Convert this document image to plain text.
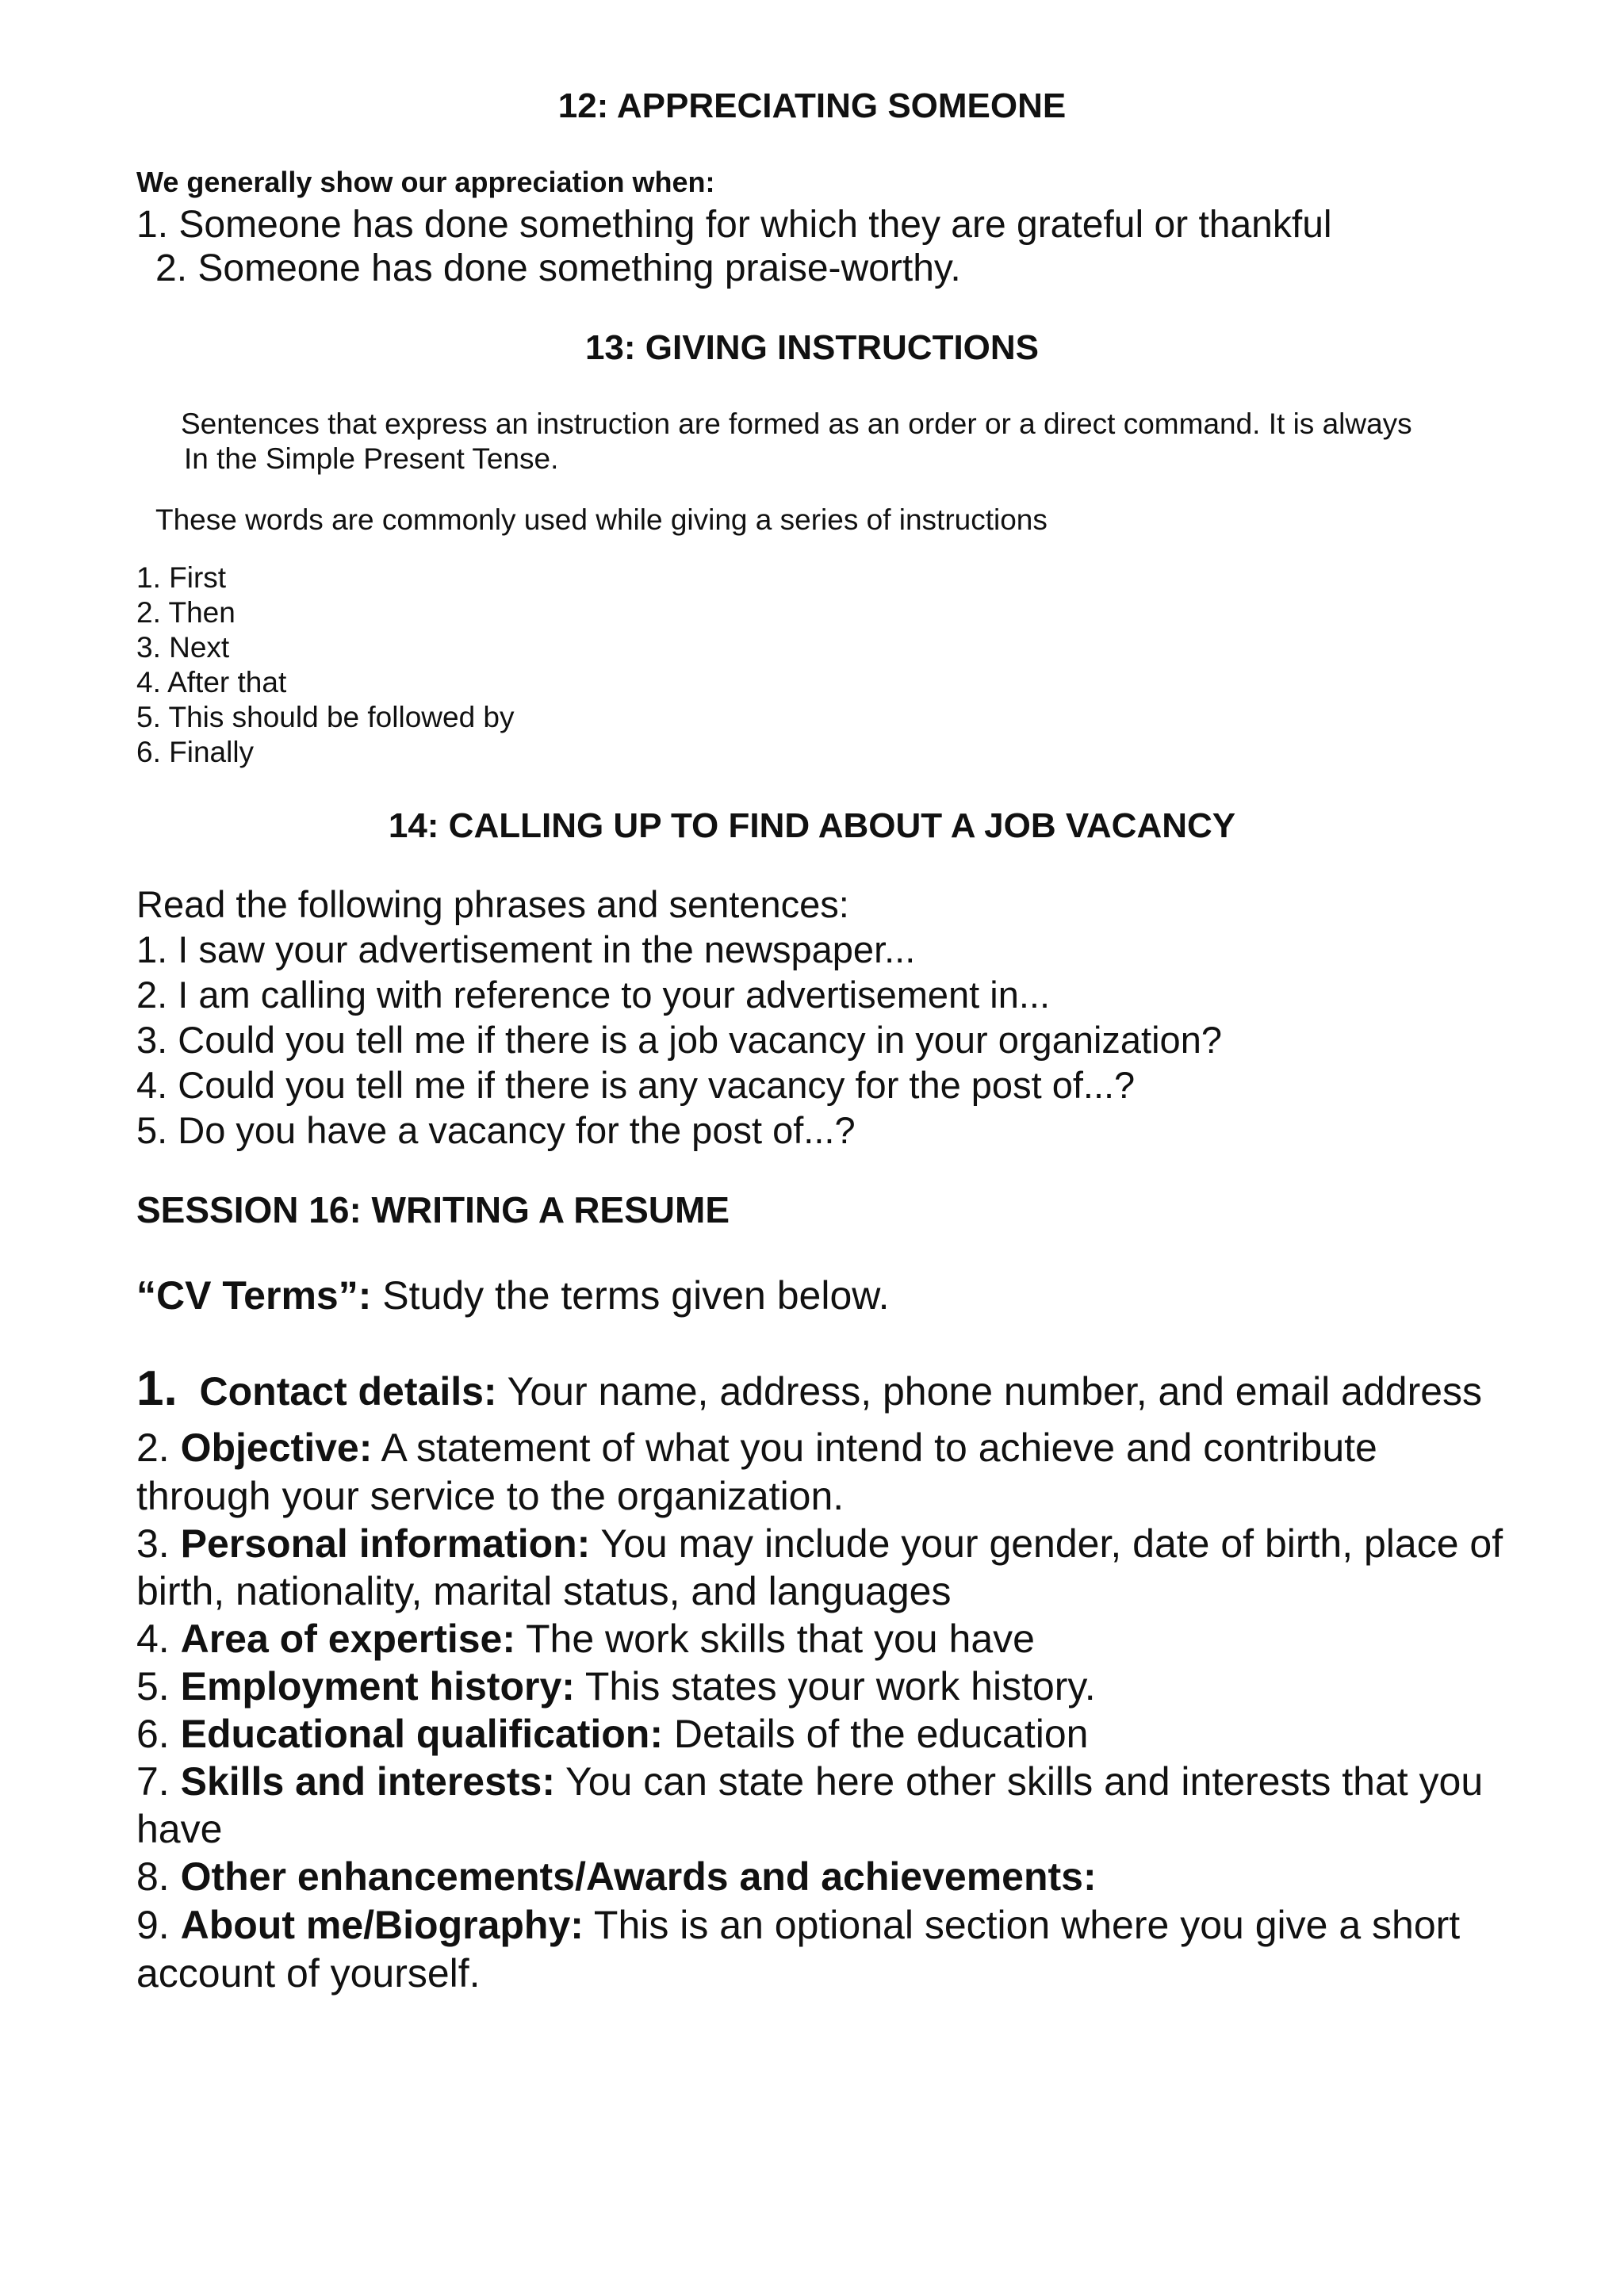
12: APPRECIATING SOMEONE
We generally show our appreciation when:
1. Someone has done something for which they are grateful or thankful
2. Someone has done something praise-worthy.
13: GIVING INSTRUCTIONS
Sentences that express an instruction are formed as an order or a direct command. It is always
In the Simple Present Tense.
These words are commonly used while giving a series of instructions
1. First
2. Then
3. Next
4. After that
5. This should be followed by
6. Finally
14: CALLING UP TO FIND ABOUT A JOB VACANCY
Read the following phrases and sentences:
1. I saw your advertisement in the newspaper...
2. I am calling with reference to your advertisement in...
3. Could you tell me if there is a job vacancy in your organization?
4. Could you tell me if there is any vacancy for the post of...?
5. Do you have a vacancy for the post of...?
SESSION 16: WRITING A RESUME
“CV Terms”: Study the terms given below.
1. Contact details: Your name, address, phone number, and email address
2. Objective: A statement of what you intend to achieve and contribute
through your service to the organization.
3. Personal information: You may include your gender, date of birth, place of
birth, nationality, marital status, and languages
4. Area of expertise: The work skills that you have
5. Employment history: This states your work history.
6. Educational qualification: Details of the education
7. Skills and interests: You can state here other skills and interests that you
have
8. Other enhancements/Awards and achievements:
9. About me/Biography: This is an optional section where you give a short
account of yourself.
